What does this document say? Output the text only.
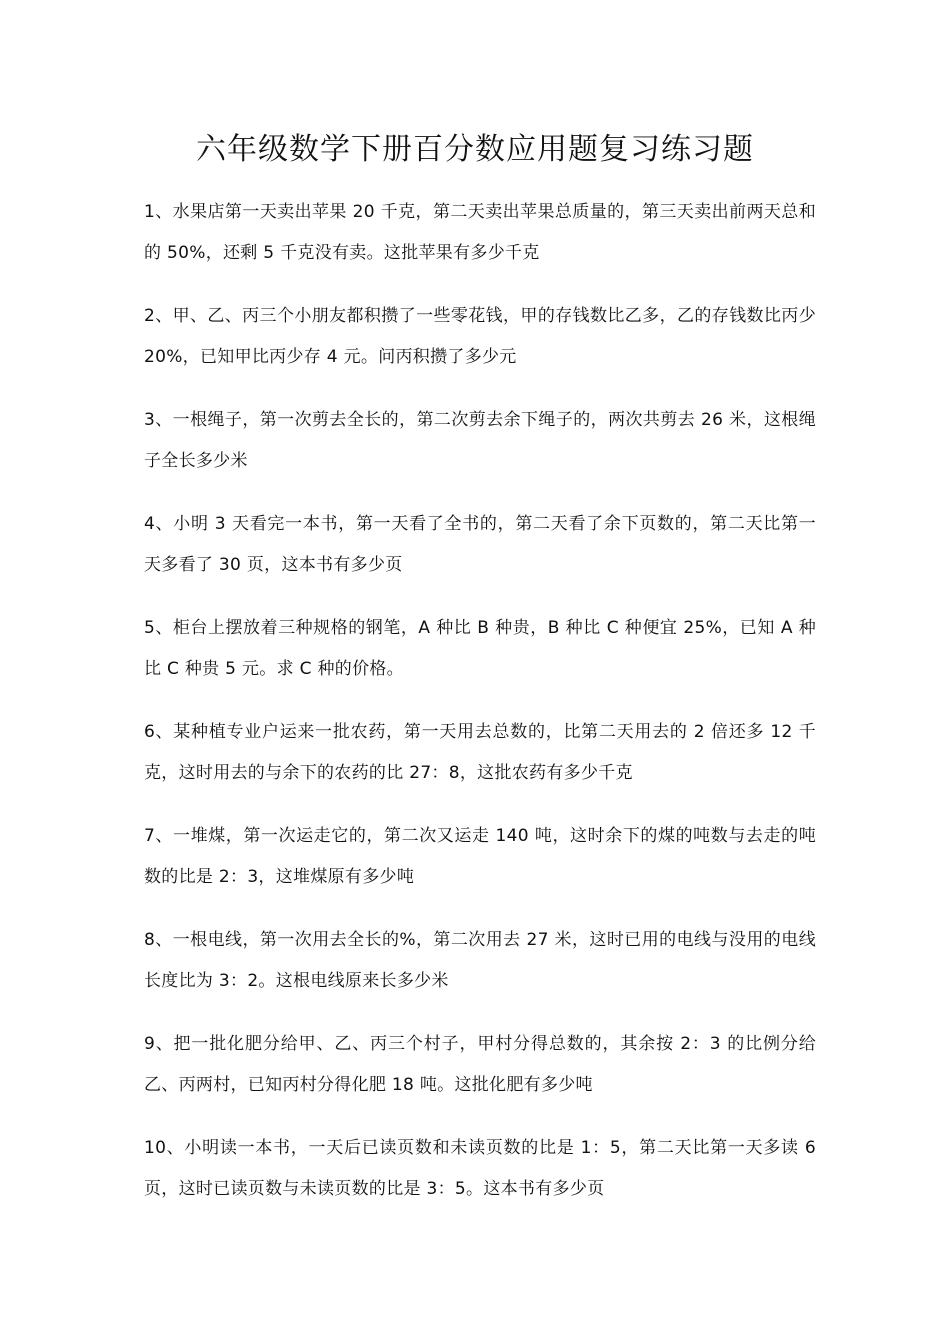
六年级数学下册百分数应用题复习练习题
1、水果店第一天卖出苹果 20 千克，第二天卖出苹果总质量的，第三天卖出前两天总和的 50%，还剩 5 千克没有卖。这批苹果有多少千克
2、甲、乙、丙三个小朋友都积攒了一些零花钱，甲的存钱数比乙多，乙的存钱数比丙少 20%，已知甲比丙少存 4 元。问丙积攒了多少元
3、一根绳子，第一次剪去全长的，第二次剪去余下绳子的，两次共剪去 26 米，这根绳子全长多少米
4、小明 3 天看完一本书，第一天看了全书的，第二天看了余下页数的，第二天比第一天多看了 30 页，这本书有多少页
5、柜台上摆放着三种规格的钢笔，A 种比 B 种贵，B 种比 C 种便宜 25%，已知 A 种比 C 种贵 5 元。求 C 种的价格。
6、某种植专业户运来一批农药，第一天用去总数的，比第二天用去的 2 倍还多 12 千克，这时用去的与余下的农药的比 27：8，这批农药有多少千克
7、一堆煤，第一次运走它的，第二次又运走 140 吨，这时余下的煤的吨数与去走的吨数的比是 2：3，这堆煤原有多少吨
8、一根电线，第一次用去全长的%，第二次用去 27 米，这时已用的电线与没用的电线长度比为 3：2。这根电线原来长多少米
9、把一批化肥分给甲、乙、丙三个村子，甲村分得总数的，其余按 2：3 的比例分给乙、丙两村，已知丙村分得化肥 18 吨。这批化肥有多少吨
10、小明读一本书，一天后已读页数和未读页数的比是 1：5，第二天比第一天多读 6 页，这时已读页数与未读页数的比是 3：5。这本书有多少页
